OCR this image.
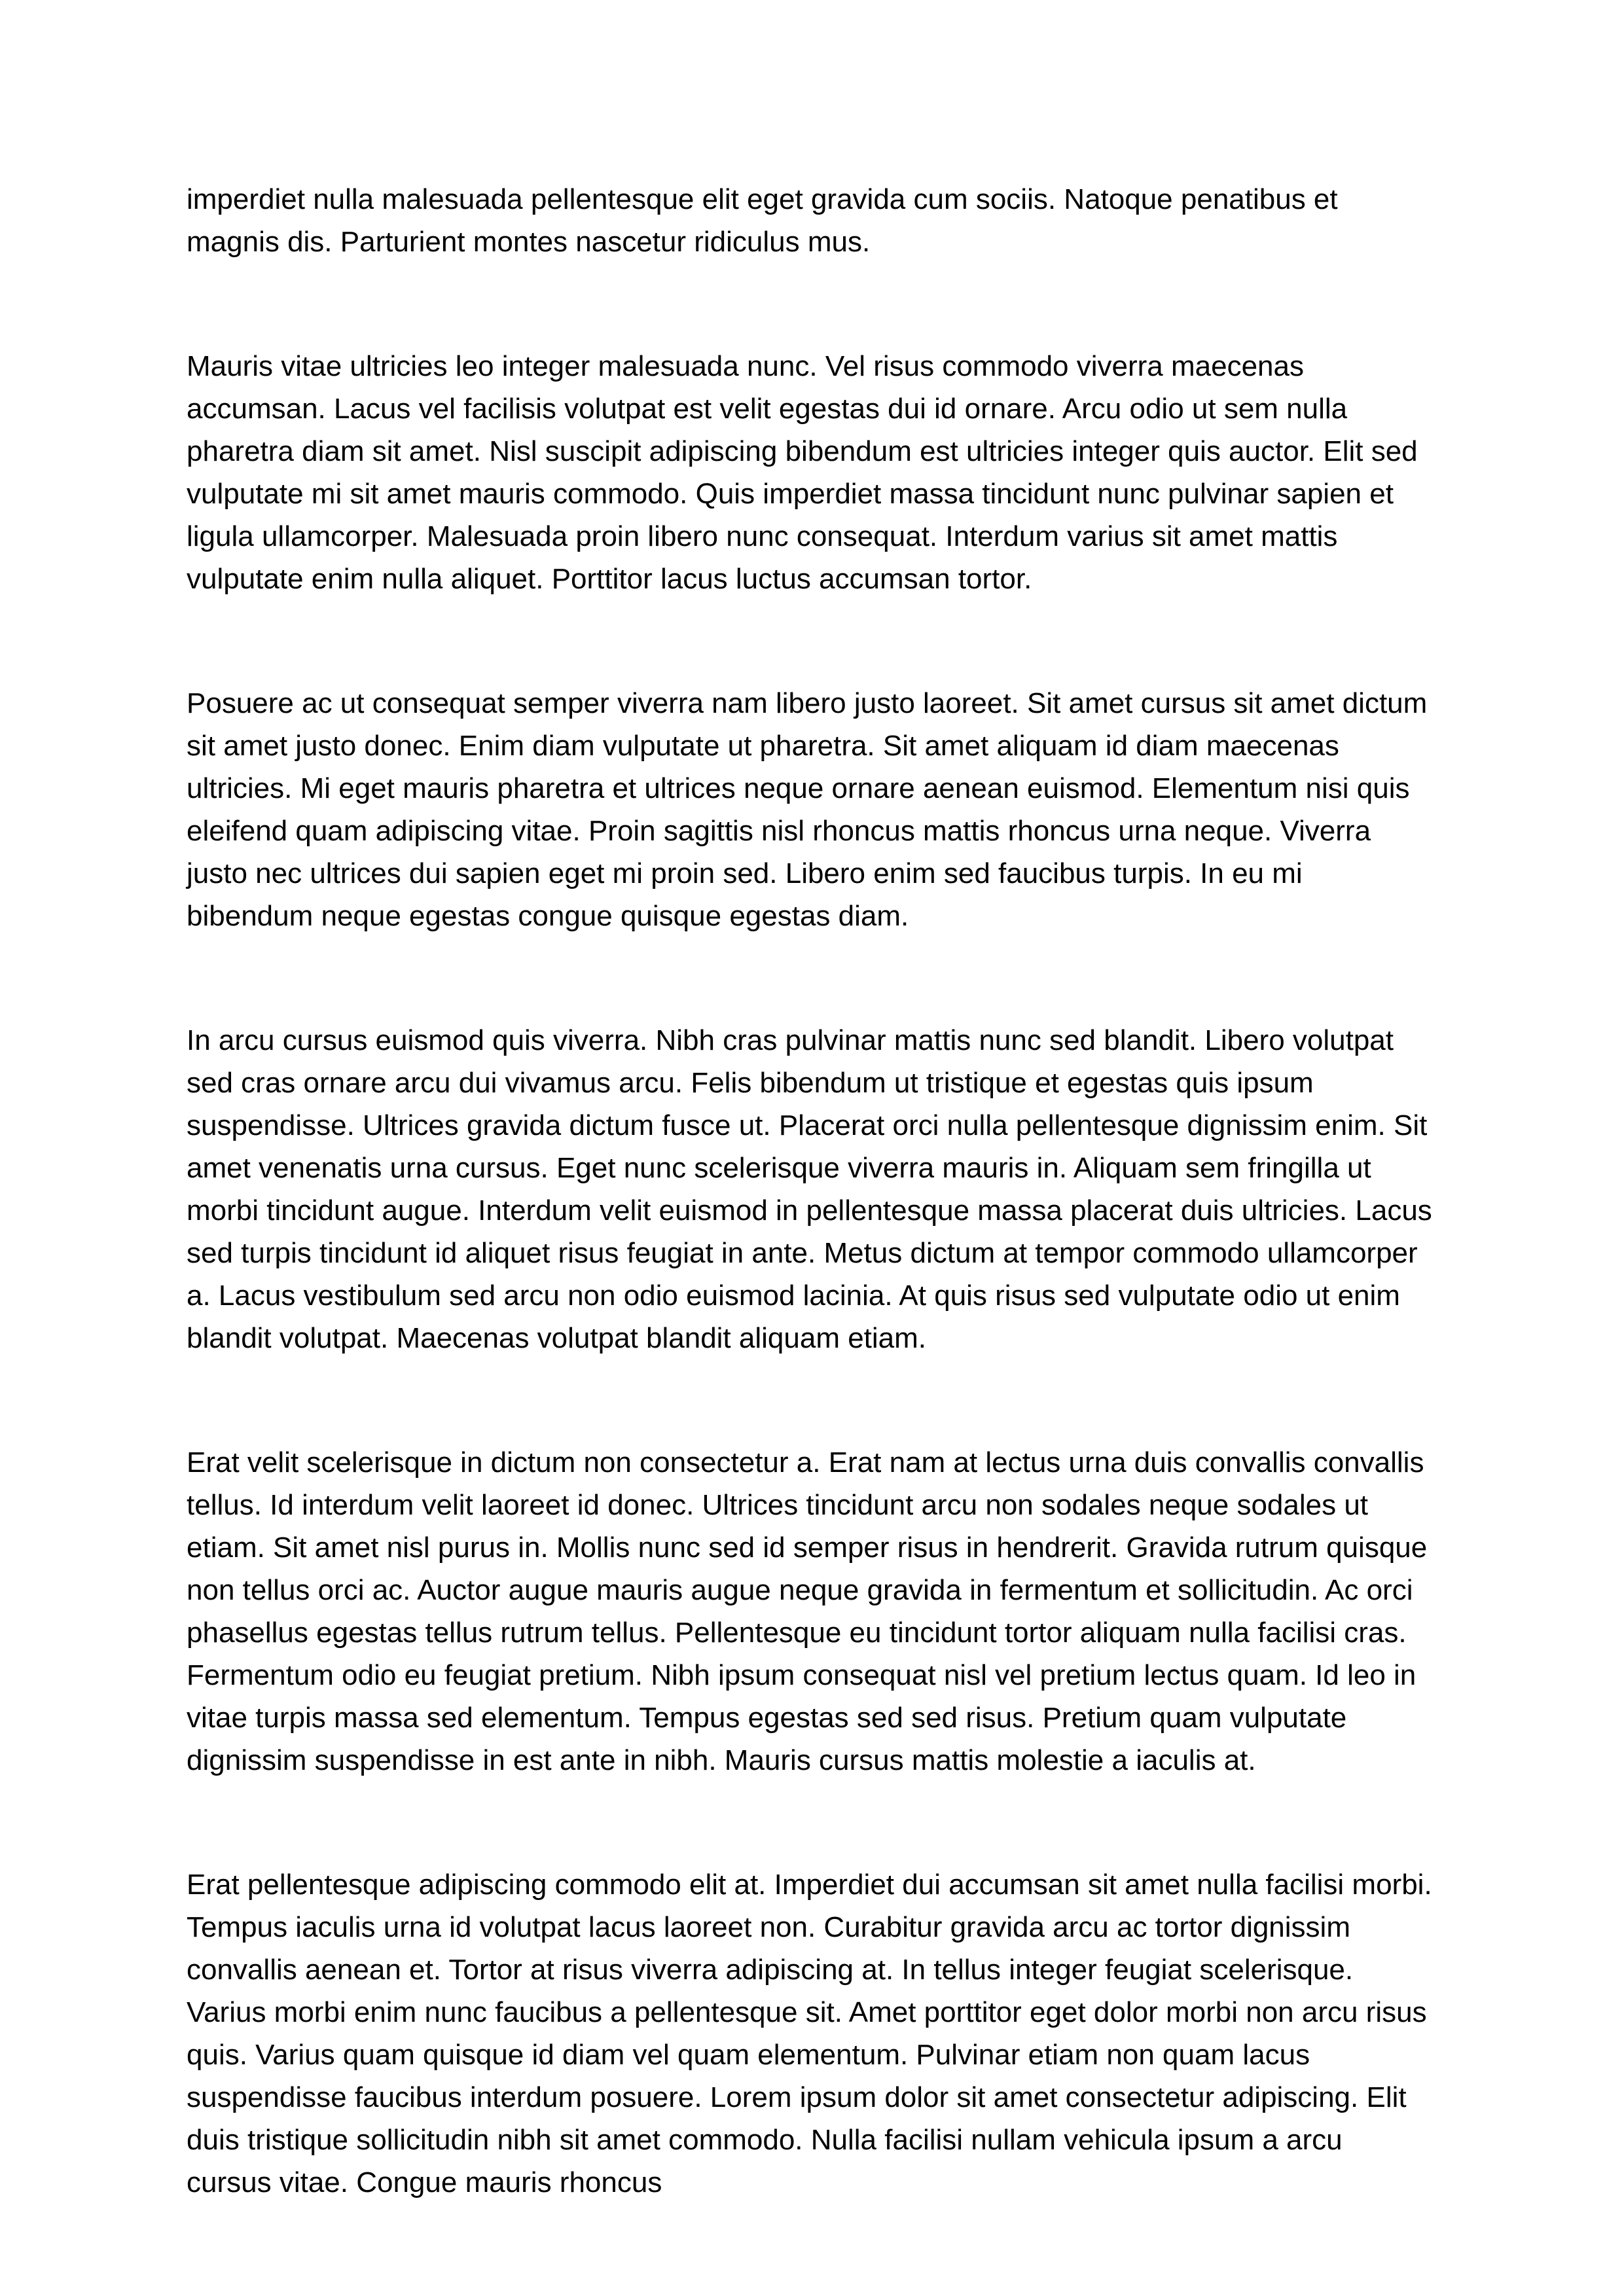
imperdiet nulla malesuada pellentesque elit eget gravida cum sociis. Natoque penatibus et magnis dis. Parturient montes nascetur ridiculus mus.

Mauris vitae ultricies leo integer malesuada nunc. Vel risus commodo viverra maecenas accumsan. Lacus vel facilisis volutpat est velit egestas dui id ornare. Arcu odio ut sem nulla pharetra diam sit amet. Nisl suscipit adipiscing bibendum est ultricies integer quis auctor. Elit sed vulputate mi sit amet mauris commodo. Quis imperdiet massa tincidunt nunc pulvinar sapien et ligula ullamcorper. Malesuada proin libero nunc consequat. Interdum varius sit amet mattis vulputate enim nulla aliquet. Porttitor lacus luctus accumsan tortor.

Posuere ac ut consequat semper viverra nam libero justo laoreet. Sit amet cursus sit amet dictum sit amet justo donec. Enim diam vulputate ut pharetra. Sit amet aliquam id diam maecenas ultricies. Mi eget mauris pharetra et ultrices neque ornare aenean euismod. Elementum nisi quis eleifend quam adipiscing vitae. Proin sagittis nisl rhoncus mattis rhoncus urna neque. Viverra justo nec ultrices dui sapien eget mi proin sed. Libero enim sed faucibus turpis. In eu mi bibendum neque egestas congue quisque egestas diam.

In arcu cursus euismod quis viverra. Nibh cras pulvinar mattis nunc sed blandit. Libero volutpat sed cras ornare arcu dui vivamus arcu. Felis bibendum ut tristique et egestas quis ipsum suspendisse. Ultrices gravida dictum fusce ut. Placerat orci nulla pellentesque dignissim enim. Sit amet venenatis urna cursus. Eget nunc scelerisque viverra mauris in. Aliquam sem fringilla ut morbi tincidunt augue. Interdum velit euismod in pellentesque massa placerat duis ultricies. Lacus sed turpis tincidunt id aliquet risus feugiat in ante. Metus dictum at tempor commodo ullamcorper a. Lacus vestibulum sed arcu non odio euismod lacinia. At quis risus sed vulputate odio ut enim blandit volutpat. Maecenas volutpat blandit aliquam etiam.

Erat velit scelerisque in dictum non consectetur a. Erat nam at lectus urna duis convallis convallis tellus. Id interdum velit laoreet id donec. Ultrices tincidunt arcu non sodales neque sodales ut etiam. Sit amet nisl purus in. Mollis nunc sed id semper risus in hendrerit. Gravida rutrum quisque non tellus orci ac. Auctor augue mauris augue neque gravida in fermentum et sollicitudin. Ac orci phasellus egestas tellus rutrum tellus. Pellentesque eu tincidunt tortor aliquam nulla facilisi cras. Fermentum odio eu feugiat pretium. Nibh ipsum consequat nisl vel pretium lectus quam. Id leo in vitae turpis massa sed elementum. Tempus egestas sed sed risus. Pretium quam vulputate dignissim suspendisse in est ante in nibh. Mauris cursus mattis molestie a iaculis at.

Erat pellentesque adipiscing commodo elit at. Imperdiet dui accumsan sit amet nulla facilisi morbi. Tempus iaculis urna id volutpat lacus laoreet non. Curabitur gravida arcu ac tortor dignissim convallis aenean et. Tortor at risus viverra adipiscing at. In tellus integer feugiat scelerisque. Varius morbi enim nunc faucibus a pellentesque sit. Amet porttitor eget dolor morbi non arcu risus quis. Varius quam quisque id diam vel quam elementum. Pulvinar etiam non quam lacus suspendisse faucibus interdum posuere. Lorem ipsum dolor sit amet consectetur adipiscing. Elit duis tristique sollicitudin nibh sit amet commodo. Nulla facilisi nullam vehicula ipsum a arcu cursus vitae. Congue mauris rhoncus
